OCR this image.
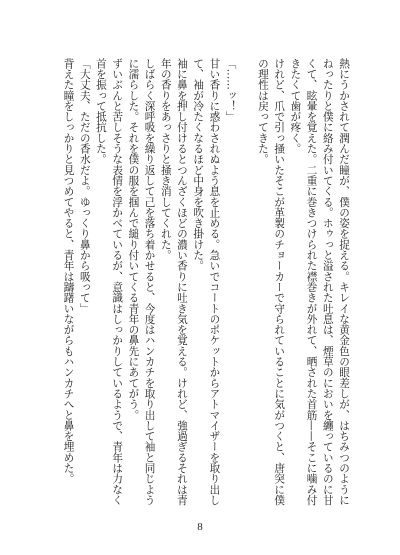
熱にうかされて潤んだ瞳が、僕の姿を捉える。キレイな黄金色の眼差しが、はちみつのようにねったりと僕に絡み付いてくる。ホゥっと溢された吐息は、煙草のにおいを纏っているのに甘くて、眩暈を覚えた。二重に巻きつけられた襟巻きが外れて、晒された首筋——そこに噛み付きたくて歯が疼く。

けれど、爪で引っ掻いたそこが革製のチョーカーで守られていることに気がつくと、唐突に僕の理性は戻ってきた。

「……ッ！」

甘い香りに惑わされぬよう息を止める。急いでコートのポケットからアトマイザーを取り出して、袖が冷たくなるほど中身を吹き掛けた。

袖に鼻を押し付けるとつんざくほどの濃い香りに吐き気を覚える。けれど、強過ぎるそれは青年の香りをあっさりと掻き消してくれた。

しばらく深呼吸を繰り返して己を落ち着かせると、今度はハンカチを取り出して袖と同じように濡らした。それを僕の服を掴んで縋り付いてくる青年の鼻先にあてがう。

ずいぶんと苦しそうな表情を浮かべているが、意識はしっかりしているようで、青年は力なく首を振って抵抗した。

「大丈夫、ただの香水だよ。ゆっくり鼻から吸って」

背えた瞳をしっかりと見つめてやると、青年は躊躇いながらもハンカチへと鼻を埋めた。

8
